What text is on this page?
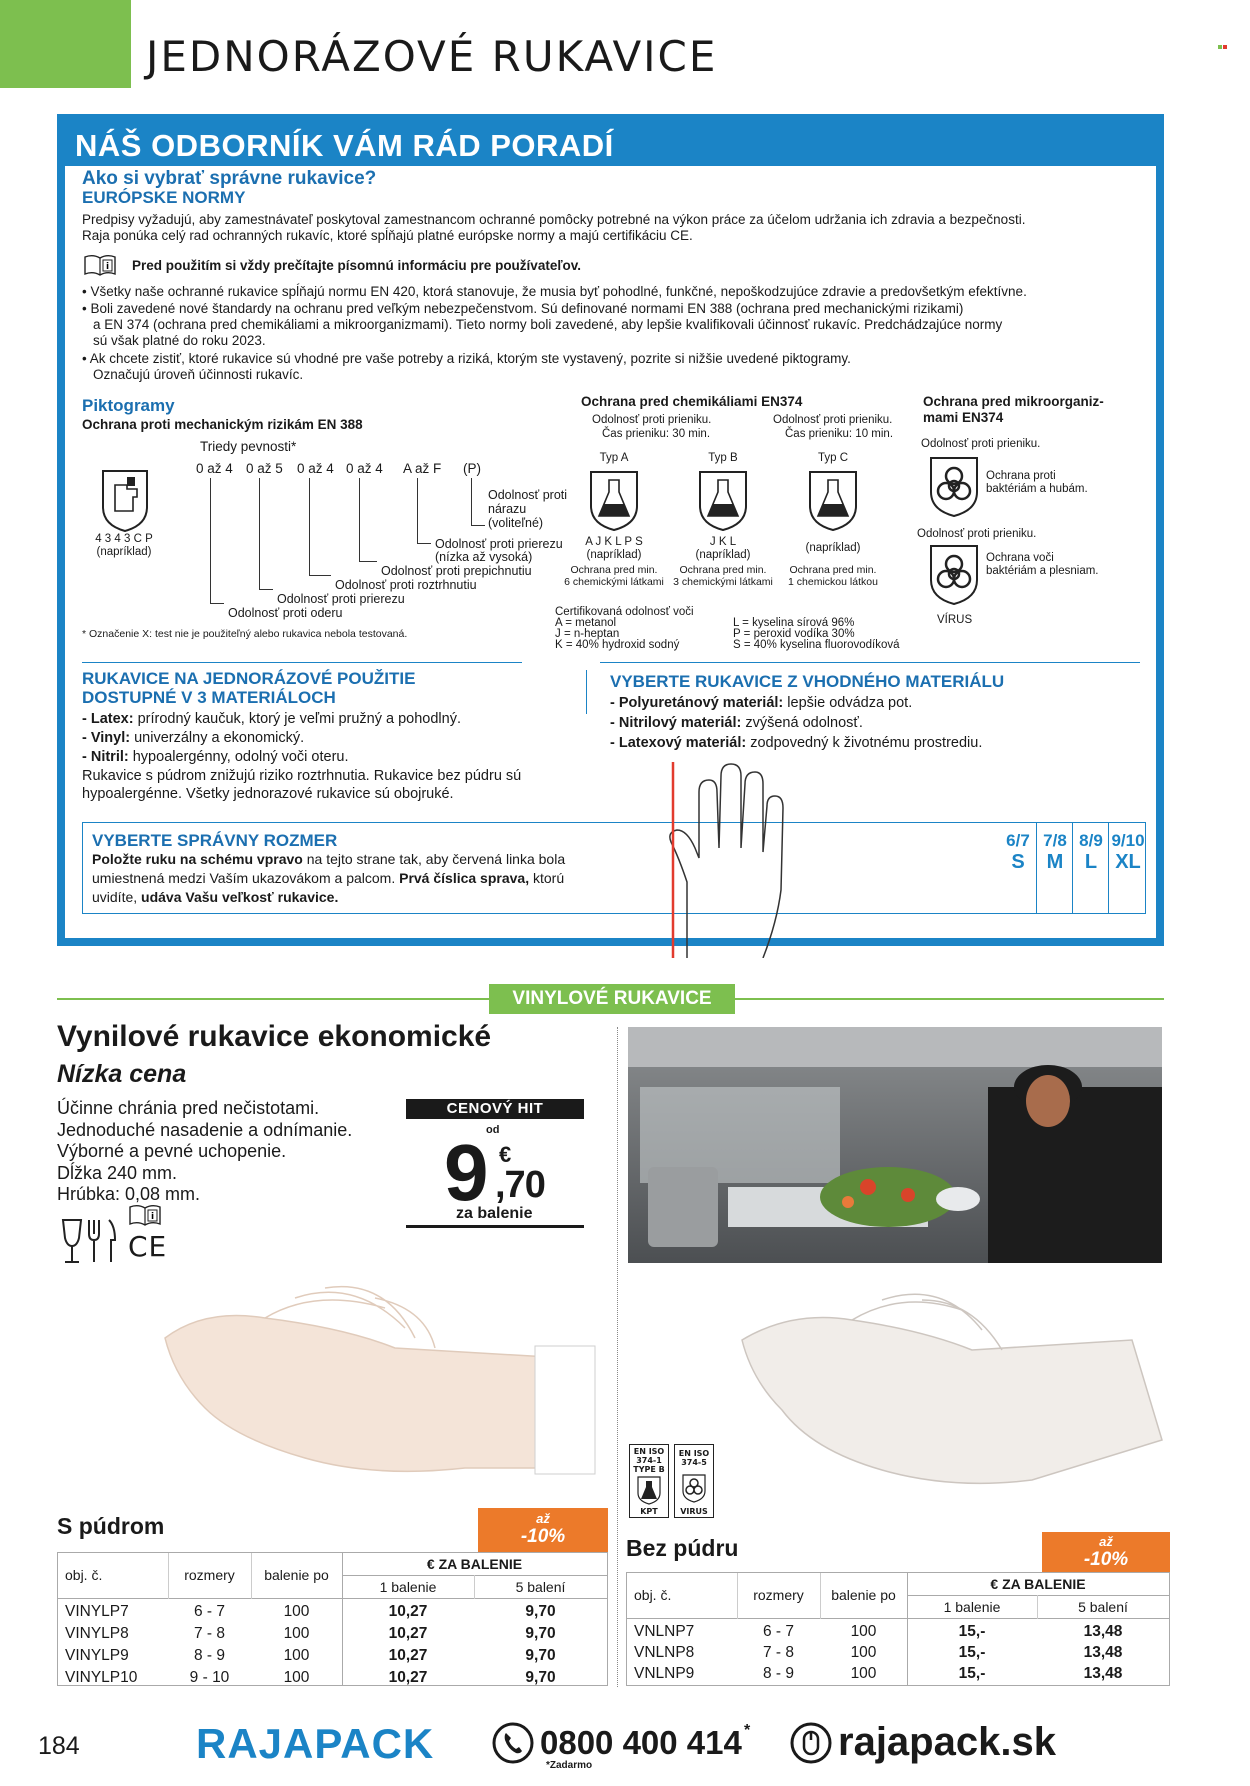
JEDNORÁZOVÉ RUKAVICE
NÁŠ ODBORNÍK VÁM RÁD PORADÍ
Ako si vybrať správne rukavice?
EURÓPSKE NORMY
Predpisy vyžadujú, aby zamestnávateľ poskytoval zamestnancom ochranné pomôcky potrebné na výkon práce za účelom udržania ich zdravia a bezpečnosti.
Raja ponúka celý rad ochranných rukavíc, ktoré spĺňajú platné európske normy a majú certifikáciu CE.
i Pred použitím si vždy prečítajte písomnú informáciu pre používateľov.
• Všetky naše ochranné rukavice spĺňajú normu EN 420, ktorá stanovuje, že musia byť pohodlné, funkčné, nepoškodzujúce zdravie a predovšetkým efektívne.
• Boli zavedené nové štandardy na ochranu pred veľkým nebezpečenstvom. Sú definované normami EN 388 (ochrana pred mechanickými rizikami)
a EN 374 (ochrana pred chemikáliami a mikroorganizmami). Tieto normy boli zavedené, aby lepšie kvalifikovali účinnosť rukavíc. Predchádzajúce normy
sú však platné do roku 2023.
• Ak chcete zistiť, ktoré rukavice sú vhodné pre vaše potreby a riziká, ktorým ste vystavený, pozrite si nižšie uvedené piktogramy.
Označujú úroveň účinnosti rukavíc.
Piktogramy
Ochrana proti mechanickým rizikám EN 388
Triedy pevnosti*
0 až 4 0 až 5 0 až 4 0 až 4 A až F (P)
4 3 4 3 C P
(napríklad)
Odolnosť proti
nárazu
(voliteľné)
Odolnosť proti prierezu
(nízka až vysoká)
Odolnosť proti prepichnutiu
Odolnosť proti roztrhnutiu
Odolnosť proti prierezu
Odolnosť proti oderu
* Označenie X: test nie je použiteľný alebo rukavica nebola testovaná.
Ochrana pred chemikáliami EN374
Odolnosť proti prieniku.
Čas prieniku: 30 min.
Odolnosť proti prieniku.
Čas prieniku: 10 min.
Typ A	Typ B	Typ C
A J K L P S
(napríklad)
Ochrana pred min.
6 chemickými látkami
J K L
(napríklad)
Ochrana pred min.
3 chemickými látkami
(napríklad)
Ochrana pred min.
1 chemickou látkou
Certifikovaná odolnosť voči
A = metanol
J = n-heptan
K = 40% hydroxid sodný
L = kyselina sírová 96%
P = peroxid vodíka 30%
S = 40% kyselina fluorovodíková
Ochrana pred mikroorganiz-
mami EN374
Odolnosť proti prieniku.
Ochrana proti
baktériám a hubám.
Odolnosť proti prieniku.
Ochrana voči
baktériám a plesniam.
VÍRUS
RUKAVICE NA JEDNORÁZOVÉ POUŽITIE
DOSTUPNÉ V 3 MATERIÁLOCH
- Latex: prírodný kaučuk, ktorý je veľmi pružný a pohodlný.
- Vinyl: univerzálny a ekonomický.
- Nitril: hypoalergénny, odolný voči oteru.
Rukavice s púdrom znižujú riziko roztrhnutia. Rukavice bez púdru sú
hypoalergénne. Všetky jednorazové rukavice sú obojruké.
VYBERTE RUKAVICE Z VHODNÉHO MATERIÁLU
- Polyuretánový materiál: lepšie odvádza pot.
- Nitrilový materiál: zvýšená odolnosť.
- Latexový materiál: zodpovedný k životnému prostrediu.
VYBERTE SPRÁVNY ROZMER
Položte ruku na schému vpravo na tejto strane tak, aby červená linka bola
umiestnená medzi Vaším ukazovákom a palcom. Prvá číslica sprava, ktorú
uvidíte, udáva Vašu veľkosť rukavice.
6/7
S
7/8
M
8/9
L
9/10
XL
VINYLOVÉ RUKAVICE
Vynilové rukavice ekonomické
Nízka cena
Účinne chránia pred nečistotami.
Jednoduché nasadenie a odnímanie.
Výborné a pevné uchopenie.
Dĺžka 240 mm.
Hrúbka: 0,08 mm.
i
CE
CENOVÝ HIT
od
9 €
,70
za balenie
EN ISO
374-1
TYPE B
KPT
EN ISO
374-5
VIRUS
S púdrom	až
-10%
obj. č.	rozmery	balenie po
€ ZA BALENIE
1 balenie	5 balení
VINYLP7	6 - 7	100	10,27	9,70
VINYLP8	7 - 8	100	10,27	9,70
VINYLP9	8 - 9	100	10,27	9,70
VINYLP10	9 - 10	100	10,27	9,70
Bez púdru	až
-10%
obj. č.	rozmery	balenie po
€ ZA BALENIE
1 balenie	5 balení
VNLNP7	6 - 7	100	15,-	13,48
VNLNP8	7 - 8	100	15,-	13,48
VNLNP9	8 - 9	100	15,-	13,48
184	RAJAPACK	0800 400 414 *
*Zadarmo
rajapack.sk
